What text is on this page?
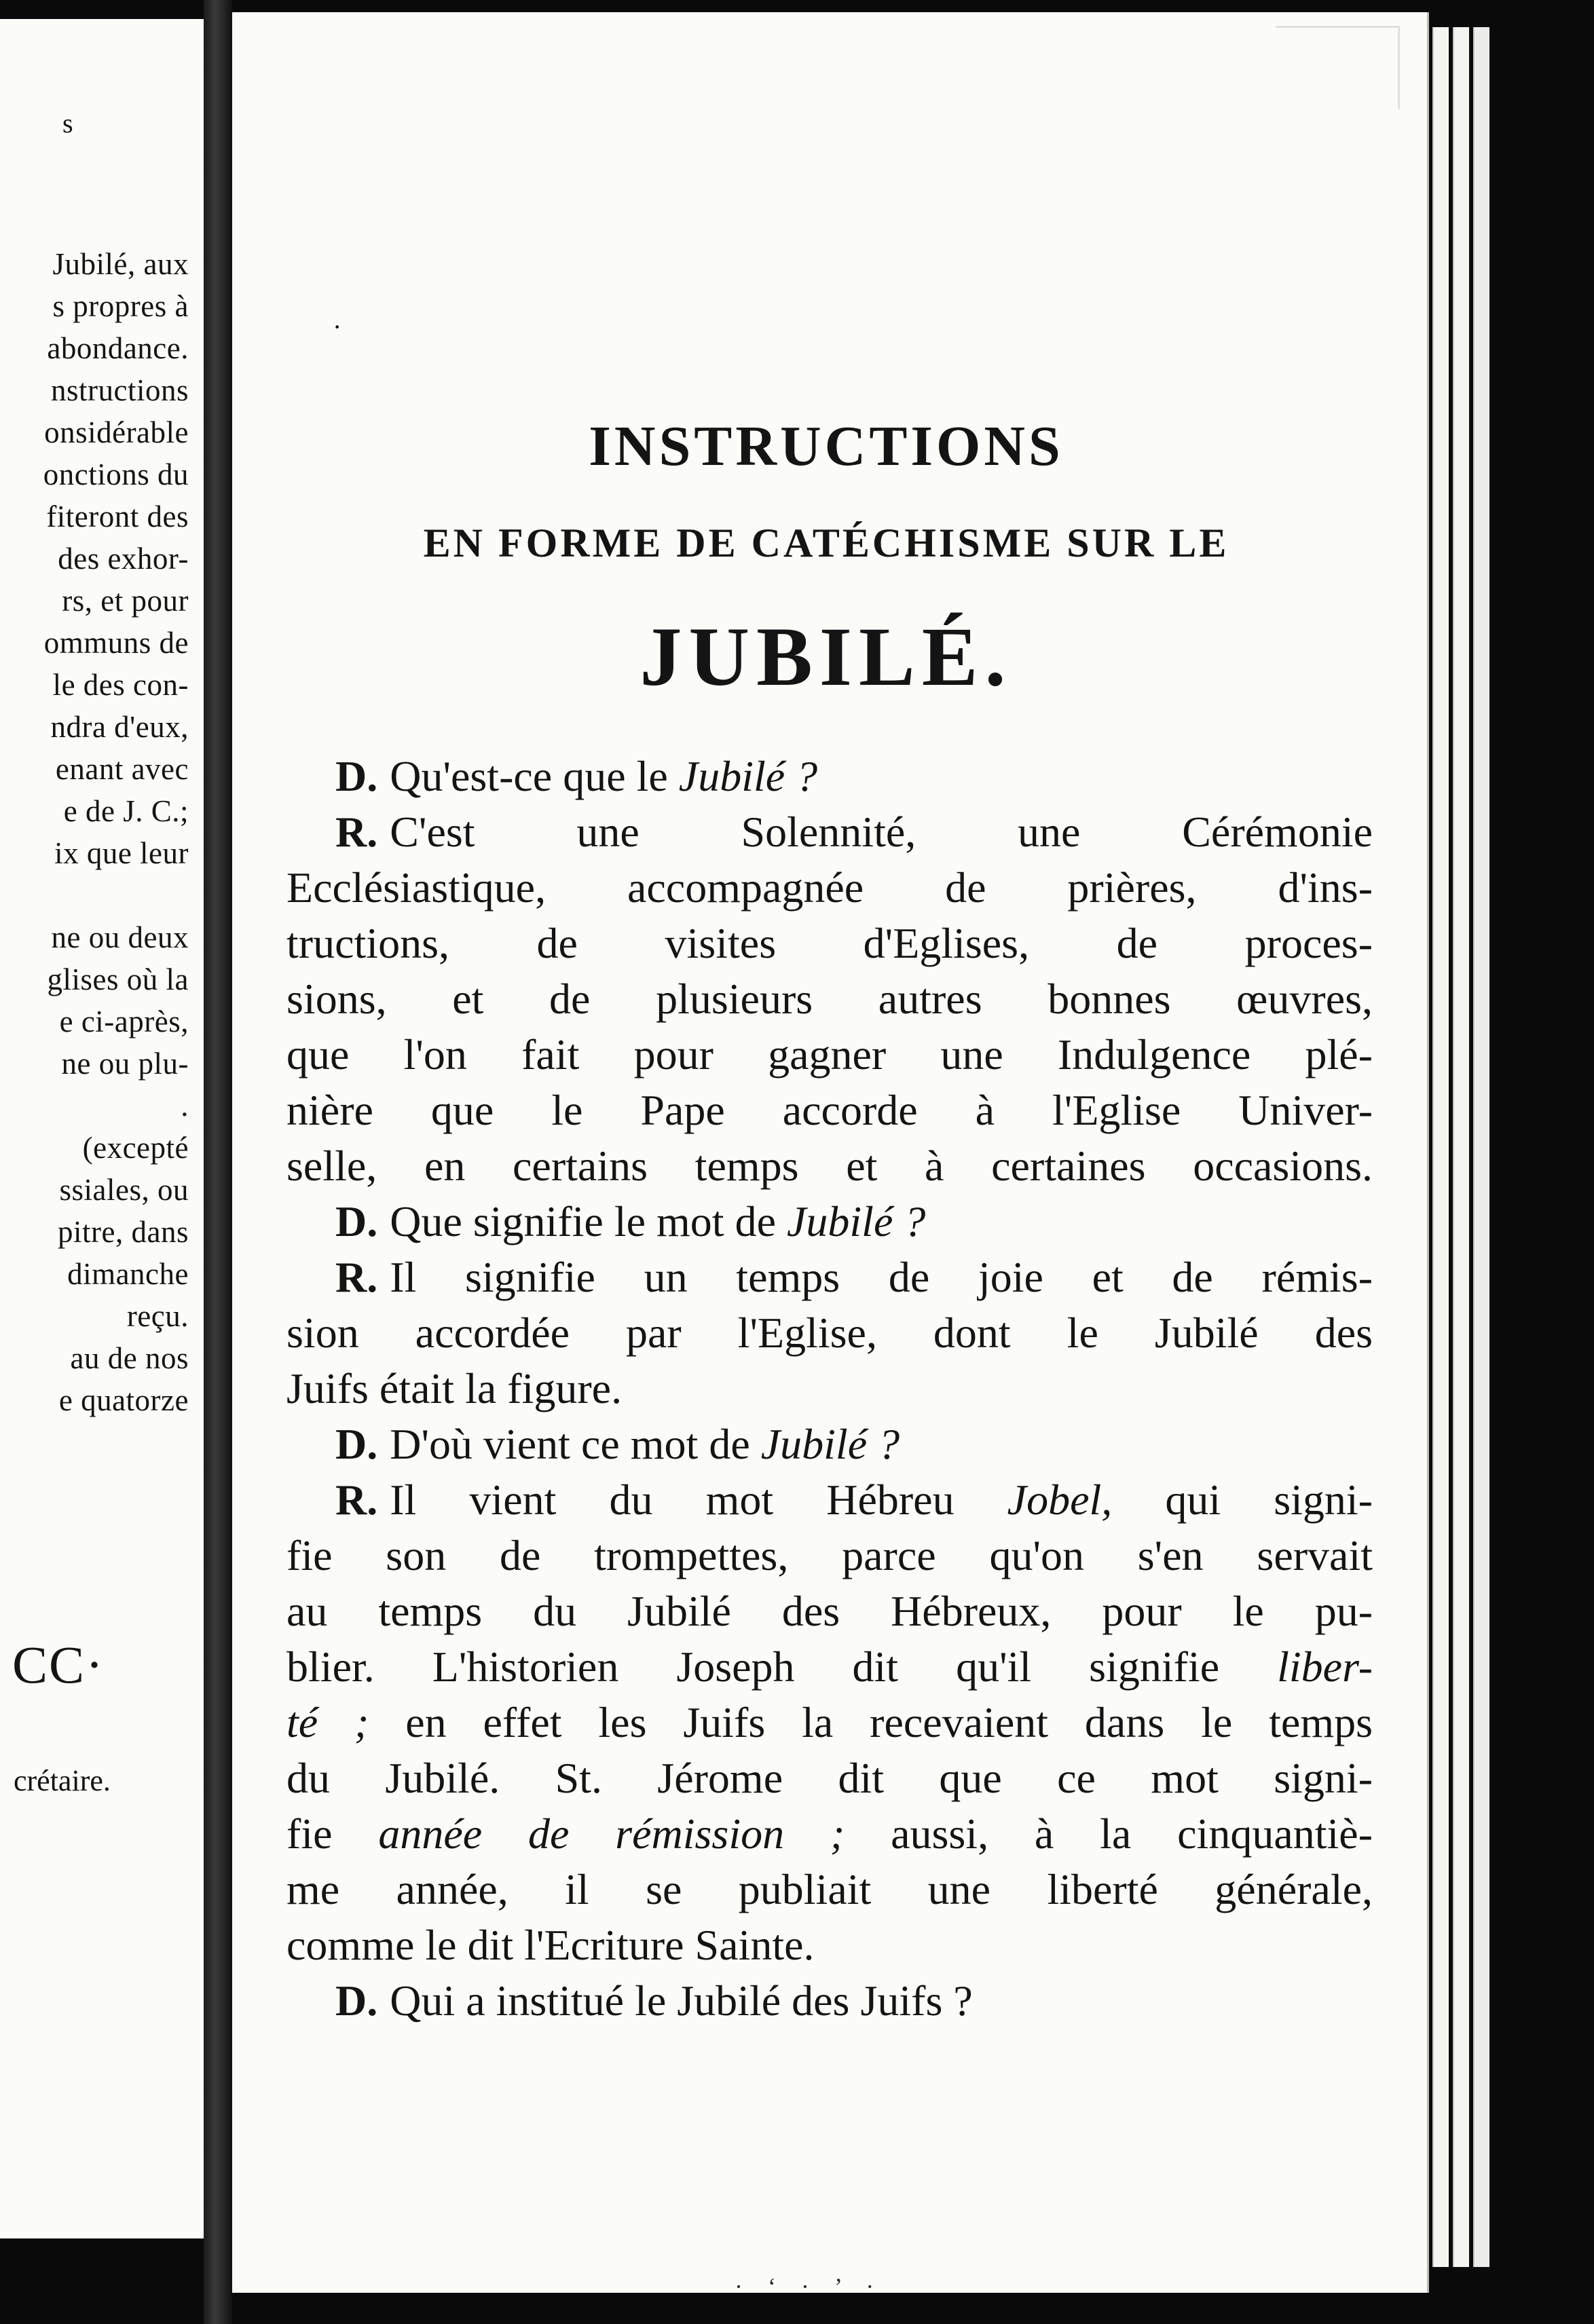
s
Jubilé, aux
s propres à
abondance.
nstructions
onsidérable
onctions du
fiteront des
des exhor-
rs, et pour
ommuns de
le des con-
ndra d'eux,
enant avec
e de J. C.;
ix que leur
ne ou deux
glises où la
e ci-après,
ne ou plu-
.
(excepté
ssiales, ou
pitre, dans
dimanche
reçu.
au de nos
e quatorze
CC·
crétaire.
·
INSTRUCTIONS
EN FORME DE CATÉCHISME SUR LE
JUBILÉ.
D. Qu'est-ce que le Jubilé ?
R. C'est une Solennité, une Cérémonie
Ecclésiastique, accompagnée de prières, d'ins-
tructions, de visites d'Eglises, de proces-
sions, et de plusieurs autres bonnes œuvres,
que l'on fait pour gagner une Indulgence plé-
nière que le Pape accorde à l'Eglise Univer-
selle, en certains temps et à certaines occasions.
D. Que signifie le mot de Jubilé ?
R. Il signifie un temps de joie et de rémis-
sion accordée par l'Eglise, dont le Jubilé des
Juifs était la figure.
D. D'où vient ce mot de Jubilé ?
R. Il vient du mot Hébreu Jobel, qui signi-
fie son de trompettes, parce qu'on s'en servait
au temps du Jubilé des Hébreux, pour le pu-
blier. L'historien Joseph dit qu'il signifie liber-
té ; en effet les Juifs la recevaient dans le temps
du Jubilé. St. Jérome dit que ce mot signi-
fie année de rémission ; aussi, à la cinquantiè-
me année, il se publiait une liberté générale,
comme le dit l'Ecriture Sainte.
D. Qui a institué le Jubilé des Juifs ?
· ‘ · ’ ·
